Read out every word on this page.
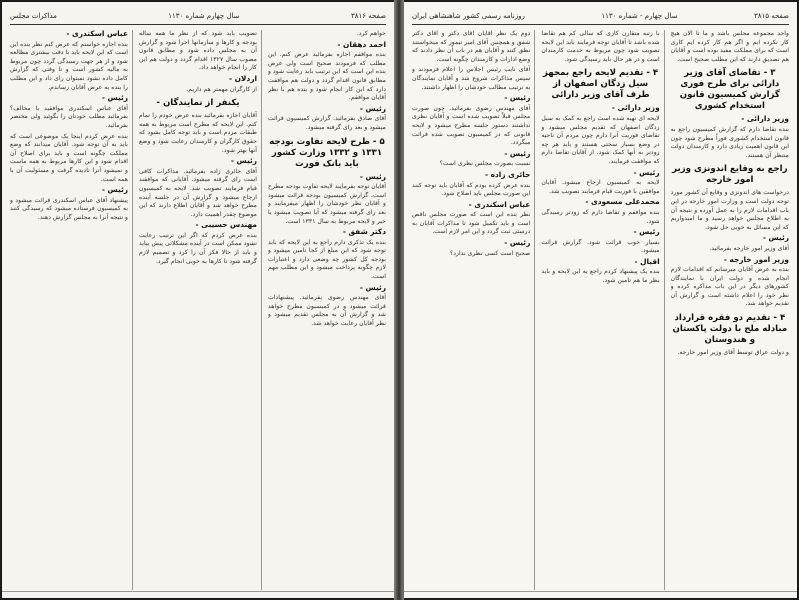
صفحه ۳۸۱۶
سال چهارم شماره ۱۱۳۰
مذاکرات مجلس

خواهم کرد.

احمد دهقان -

بنده موافقم اجازه بفرمائید عرض کنم. این مطلب که فرمودند صحیح است ولی عرض بنده این است که این ترتیب باید رعایت شود و مطابق قانون اقدام گردد و دولت هم موافقت دارد که این کار انجام شود و بنده هم با نظر آقایان موافقم.

رئیس -

آقای صادق بفرمائید. گزارش کمیسیون قرائت میشود و بعد رای گرفته میشود.

۵ - طرح لایحه تفاوت بودجه ۱۳۳۱ و ۱۳۳۲ وزارت کشور باید بانک فورت

رئیس -

آقایان توجه بفرمایند لایحه تفاوت بودجه مطرح است. گزارش کمیسیون بودجه قرائت میشود و آقایان نظر خودشان را اظهار میفرمایند و بعد رای گرفته میشود که آیا تصویب میشود یا خیر و لایحه مربوط به سال ۱۳۳۱ است.

دکتر شفق -

بنده یک تذکری دارم راجع به این لایحه که باید توجه شود که این مبلغ از کجا تامین میشود و بودجه کل کشور چه وضعی دارد و اعتبارات لازم چگونه پرداخت میشود و این مطلب مهم است.

رئیس -

آقای مهندس رضوی بفرمائید. پیشنهادات قرائت میشود و در کمیسیون مطرح خواهد شد و گزارش آن به مجلس تقدیم میشود و نظر آقایان رعایت خواهد شد.

تصویب باید شود که از نظر ما همه ساله بودجه و کارها و سازمانها اجرا شود و گزارش آن به مجلس داده شود و مطابق قانون مصوب سال ۱۳۲۷ اقدام گردد و دولت هم این کار را انجام خواهد داد.

اردلان -

از کارگران مهمتر هم داریم.

یکنفر از نمایندگان -

آقایان اجازه بفرمائید بنده عرض خودم را تمام کنم. این لایحه که مطرح است مربوط به همه طبقات مردم است و باید توجه کامل بشود که حقوق کارگران و کارمندان رعایت شود و وضع آنها بهتر شود.

رئیس -

آقای حائری زاده بفرمائید. مذاکرات کافی است رای گرفته میشود. آقایانی که موافقند قیام فرمایند تصویب شد. لایحه به کمیسیون ارجاع میشود و گزارش آن در جلسه آینده مطرح خواهد شد و آقایان اطلاع دارند که این موضوع چقدر اهمیت دارد.

مهندس حسیبی -

بنده عرض کردم که اگر این ترتیب رعایت نشود ممکن است در آینده مشکلاتی پیش بیاید و باید از حالا فکر آن را کرد و تصمیم لازم گرفته شود تا کارها به خوبی انجام گیرد.

عباس اسکندری -

بنده اجازه خواستم که عرض کنم نظر بنده این است که این لایحه باید با دقت بیشتری مطالعه شود و از هر جهت رسیدگی گردد چون مربوط به مالیه کشور است و تا وقتی که گزارش کامل داده نشود نمیتوان رای داد و این مطلب را بنده به عرض آقایان رساندم.

رئیس -

آقای عباس اسکندری موافقید یا مخالف؟ بفرمائید مطلب خودتان را بگوئید ولی مختصر بفرمائید.

بنده عرض کردم اینجا یک موضوعی است که باید به آن توجه شود. آقایان میدانند که وضع مملکت چگونه است و باید برای اصلاح آن اقدام شود و این کارها مربوط به همه ماست و نمیشود آنرا نادیده گرفت و مسئولیت آن با همه است.

رئیس -

پیشنهاد آقای عباس اسکندری قرائت میشود و به کمیسیون فرستاده میشود که رسیدگی کنند و نتیجه آنرا به مجلس گزارش دهند.

صفحه ۳۸۱۵
سال چهارم - شماره ۱۱۳۰
روزنامه رسمی کشور شاهنشاهی ایران

واحد مجموعه مجلس باشد و ما تا الان هیچ کار نکرده ایم و اگر هم کار کرده ایم کاری است که برای مملکت مفید بوده است و آقایان هم تصدیق دارند که این مطلب صحیح است.

۳ - تقاضای آقای وزیر دارائی برای طرح فوری گزارش کمیسیون قانون استخدام کشوری

وزیر دارائی -

بنده تقاضا دارم که گزارش کمیسیون راجع به قانون استخدام کشوری فوراً مطرح شود چون این قانون اهمیت زیادی دارد و کارمندان دولت منتظر آن هستند.

راجع به وقایع اندونزی وزیر امور خارجه

درخواست های اندونزی و وقایع آن کشور مورد توجه دولت است و وزارت امور خارجه در این باب اقدامات لازم را به عمل آورده و نتیجه آن به اطلاع مجلس خواهد رسید و ما امیدواریم که این مسائل به خوبی حل شود.

رئیس -

آقای وزیر امور خارجه بفرمائید.

وزیر امور خارجه -

بنده به عرض آقایان میرسانم که اقدامات لازم انجام شده و دولت ایران با نمایندگان کشورهای دیگر در این باب مذاکره کرده و نظر خود را اعلام داشته است و گزارش آن تقدیم خواهد شد.

۴ - تقدیم دو فقره قرارداد مبادله ملح با دولت پاکستان و هندوستان

و دولت عراق توسط آقای وزیر امور خارجه.

با رتبه متقارن کاری که سالی کم هم تقاضا شده باشد تا آقایان توجه فرمایند باید این لایحه تصویب شود چون مربوط به خدمت کارمندان است و در هر حال باید رسیدگی شود.

۴ - تقدیم لایحه راجع بمجهز سیل زدگان اصفهان از طرف آقای وزیر دارائی

وزیر دارائی -

لایحه ای تهیه شده است راجع به کمک به سیل زدگان اصفهان که تقدیم مجلس میشود و تقاضای فوریت آنرا دارم چون مردم آن ناحیه در وضع بسیار سختی هستند و باید هر چه زودتر به آنها کمک شود. از آقایان تقاضا دارم که موافقت فرمایند.

رئیس -

لایحه به کمیسیون ارجاع میشود. آقایان موافقین با فوریت قیام فرمایند تصویب شد.

محمدعلی مسعودی -

بنده موافقم و تقاضا دارم که زودتر رسیدگی شود.

رئیس -

بسیار خوب قرائت شود. گزارش قرائت میشود.

اقبال -

بنده یک پیشنهاد کردم راجع به این لایحه و باید نظر ما هم تامین شود.

دوم یک نظر آقایان آقای دکتر و آقای دکتر شفق و همچنین آقای امیر تیمور که میخواستند نطق کنند و آقایان هم در باب آن نظر دادند که وضع ادارات و کارمندان چگونه است.

آقای نایب رئیس اجلاس را اعلام فرمودند و سپس مذاکرات شروع شد و آقایان نمایندگان به ترتیب مطالب خودشان را اظهار داشتند.

رئیس -

آقای مهندس رضوی بفرمائید. چون صورت مجلس قبلاً تصویب شده است و آقایان نظری نداشتند دستور جلسه مطرح میشود و لایحه قانونی که در کمیسیون تصویب شده قرائت میگردد.

رئیس -

نسبت بصورت مجلس نظری است؟

حائری زاده -

بنده عرض کرده بودم که آقایان باید توجه کنند این صورت مجلس باید اصلاح شود.

عباس اسکندری -

نظر بنده این است که صورت مجلس ناقص است و باید تکمیل شود تا مذاکرات آقایان به درستی ثبت گردد و این امر لازم است.

رئیس -

صحیح است کسی نظری ندارد؟
